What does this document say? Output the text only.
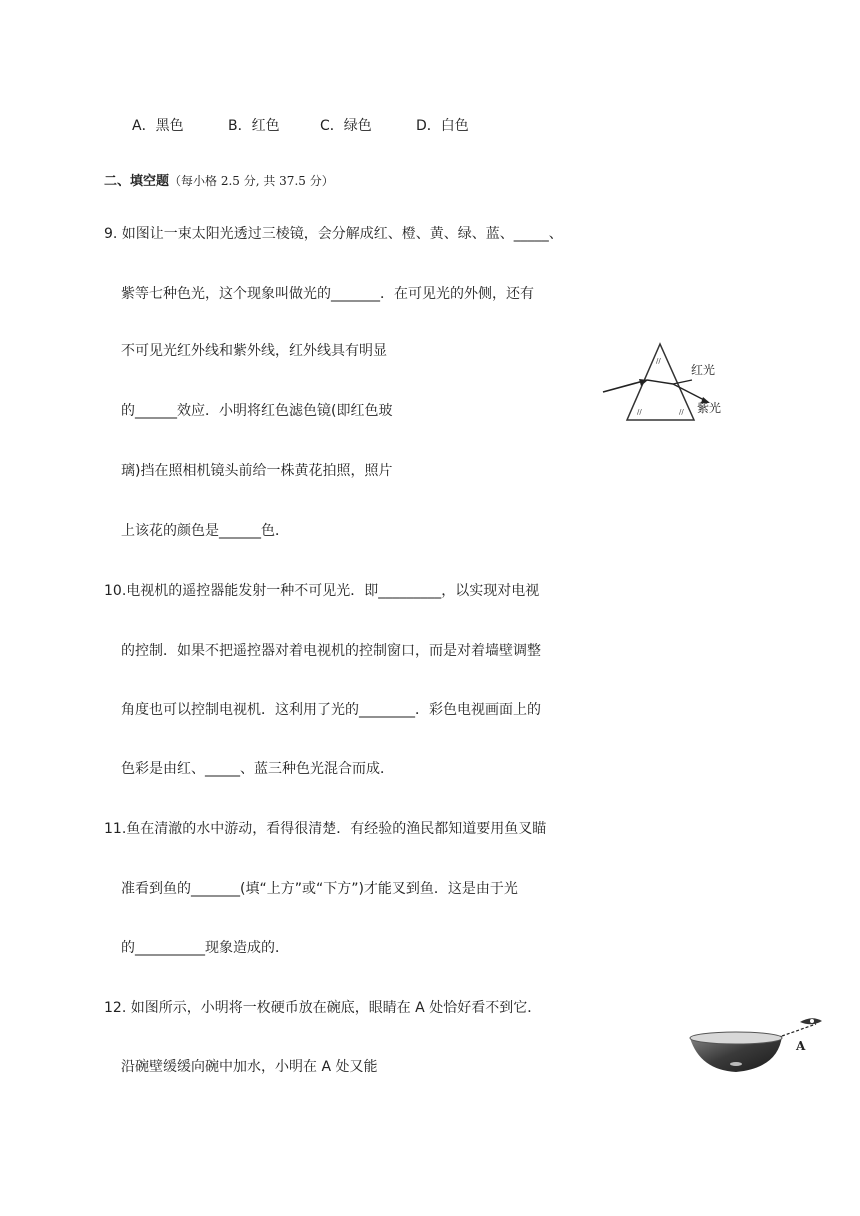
A．黑色	B．红色	C．绿色	D．白色
二、填空题（每小格 2.5 分, 共 37.5 分）
9. 如图让一束太阳光透过三棱镜，会分解成红、橙、黄、绿、蓝、_____、
紫等七种色光，这个现象叫做光的_______．在可见光的外侧，还有
不可见光红外线和紫外线，红外线具有明显
的______效应．小明将红色滤色镜(即红色玻
璃)挡在照相机镜头前给一株黄花拍照，照片
上该花的颜色是______色．
//
//	//
红光
紫光
10.电视机的遥控器能发射一种不可见光．即_________，以实现对电视
的控制．如果不把遥控器对着电视机的控制窗口，而是对着墙壁调整
角度也可以控制电视机．这利用了光的________．彩色电视画面上的
色彩是由红、_____、蓝三种色光混合而成．
11.鱼在清澈的水中游动，看得很清楚．有经验的渔民都知道要用鱼叉瞄
准看到鱼的_______(填“上方”或“下方”)才能叉到鱼．这是由于光
的__________现象造成的．
12. 如图所示，小明将一枚硬币放在碗底，眼睛在 A 处恰好看不到它．
沿碗壁缓缓向碗中加水，小明在 A 处又能
A
